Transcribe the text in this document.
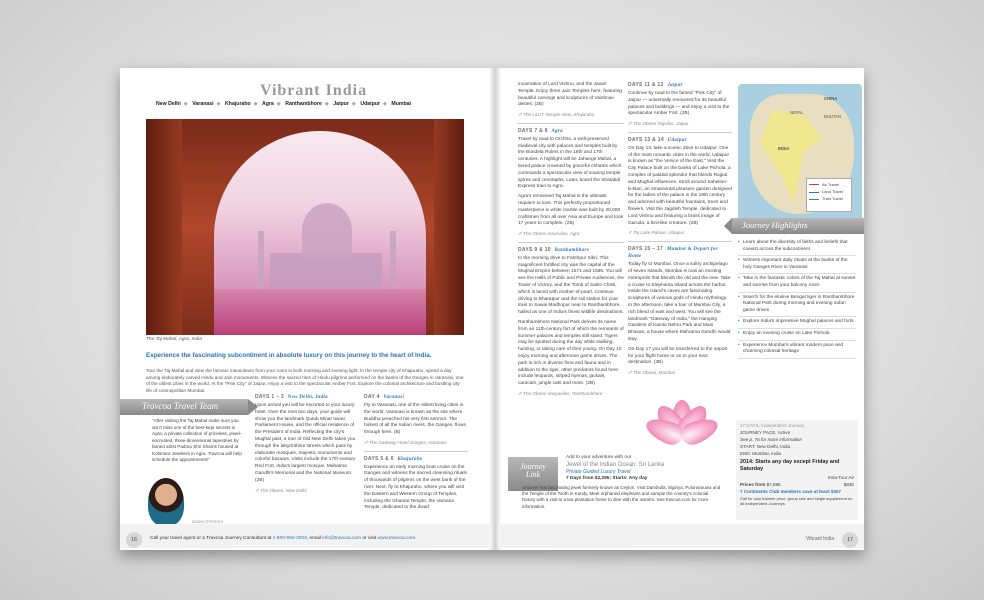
Vibrant India
New Delhi ◆ Varanasi ◆ Khajuraho ◆ Agra ◆ Ranthambhore ◆ Jaipur ◆ Udaipur ◆ Mumbai
The Taj Mahal, Agra, India
Experience the fascinating subcontinent in absolute luxury on this journey to the heart of India.
Tour the Taj Mahal and view the famous mausoleum from your room in both morning and evening light. In the temple city of Khajuraho, spend a day among elaborately carved Hindu and Jain monuments. Witness the sacred rites of Hindu pilgrims performed on the banks of the Ganges in Varanasi, one of the oldest cities in the world. At the "Pink City" of Jaipur, enjoy a visit to the spectacular Amber Fort. Explore the colonial architecture and bustling city life of cosmopolitan Mumbai.
Travcoa Travel Team
"After visiting the Taj Mahal make sure you don't miss one of the best-kept secrets in Agra: a private collection of priceless, jewel-encrusted, three-dimensional tapestries by famed artist Padma Shri Shams housed at Kohinoor Jewelers in Agra. Travcoa will help schedule the appointments!"
Diane D'Amora
DAYS 1 – 3 New Delhi, India

Upon arrival you will be escorted to your luxury hotel. Over the next two days, your guide will show you the landmark Qutub Minar tower, Parliament House, and the official residence of the President of India. Reflecting the city's Mughal past, a tour of Old New Delhi takes you through the labyrinthine streets which pass by elaborate mosques, majestic monuments and colorful bazaars. Visits include the 17th-century Red Fort, India's largest mosque, Mahatma Gandhi's Memorial and the National Museum. (2B)

✐ The Oberoi, New Delhi
DAY 4 Varanasi

Fly to Varanasi, one of the oldest living cities in the world. Varanasi is known as the site where Buddha preached his very first sermon. The holiest of all the Indian rivers, the Ganges, flows through here. (B)

✐ The Gateway Hotel Ganges, Varanasi
DAYS 5 & 6 Khajuraho

Experience an early morning boat cruise on the Ganges and witness the sacred cleansing rituals of thousands of pilgrims on the west bank of the river. Next, fly to Khajuraho, where you will visit the Eastern and Western Group of Temples, including the Ghantai Temple, the Vamana Temple, dedicated to the dwarf

16	Call your travel agent or a Travcoa Journey Consultant at 1-800-992-2003, email info@travcoa.com or visit www.travcoa.com.

incarnation of Lord Vishnu, and the Javari Temple. Enjoy three Jain Temples here, featuring beautiful carvings and sculptures of Vaishnav deities. (2B)

✐ The LaLiT Temple View, Khajuraho
DAYS 7 & 8 Agra

Travel by road to Orchha, a well-preserved medieval city with palaces and temples built by the Bundela Rulers in the 16th and 17th centuries. A highlight will be Jahangir Mahal, a tiered palace crowned by graceful chhatris which commands a spectacular view of soaring temple spires and cenotaphs. Later, board the Shatabdi Express train to Agra.

Agra's renowned Taj Mahal is the ultimate requiem to love. This perfectly proportioned masterpiece in white marble was built by 20,000 craftsmen from all over Asia and Europe and took 17 years to complete. (2B)

✐ The Oberoi Amarvilas, Agra
DAYS 9 & 10 Ranthambhore

In the morning drive to Fatehpur Sikri. This magnificent fortified city was the capital of the Mughal Empire between 1571 and 1585. You will see the Halls of Public and Private Audiences, the Tower of Victory, and the Tomb of Salim Chisti, which is laced with mother-of-pearl. Continue driving to Bharatpur and the rail station for your train to Sawai Madhopur near to Ranthambhore, hailed as one of India's finest wildlife destinations.

Ranthambhore National Park derives its name from an 11th-century fort of which the remnants of summer palaces and temples still stand. Tigers may be spotted during the day while stalking, hunting, or taking care of their young. On Day 10 enjoy morning and afternoon game drives. The park is rich in diverse flora and fauna and in addition to the tiger, other predators found here include leopards, striped hyenas, jackals, caracals, jungle cats and more. (2B)

✐ The Oberoi Vanyavilas, Ranthambhore
DAYS 11 & 12 Jaipur

Continue by road to the famed "Pink City" of Jaipur — universally renowned for its beautiful palaces and buildings — and enjoy a visit to the spectacular Amber Fort. (2B)

✐ The Oberoi Rajvilas, Jaipur
DAYS 13 & 14 Udaipur

On Day 13, take a scenic drive to Udaipur. One of the most romantic cities in the world, Udaipur is known as "the Venice of the East." Visit the City Palace built on the banks of Lake Pichola, a complex of palatial splendor that blends Rajput and Mughal influences. Stroll around Sahelion-ki-Bari, an ornamental pleasure garden designed for the ladies of the palace in the 18th century and adorned with beautiful fountains, trees and flowers. Visit the Jagdish Temple, dedicated to Lord Vishnu and featuring a brass image of Garuda, a bird-like creature. (2B)

✐ Taj Lake Palace, Udaipur
DAYS 15 – 17 Mumbai & Depart for Home

Today fly to Mumbai. Once a sultry archipelago of seven islands, Mumbai is now an exciting metropolis that blends the old and the new. Take a cruise to Elephanta Island across the harbor. Inside the island's caves are fascinating sculptures of various gods of Hindu mythology. In the afternoon, take a tour of Mumbai City, a rich blend of east and west. You will see the landmark "Gateway of India," the Hanging Gardens of Kamla Nehru Park and Mani Bhavan, a house where Mahatma Gandhi would stay.

On Day 17 you will be transferred to the airport for your flight home or on to your next destination. (3B)

✐ The Oberoi, Mumbai
CHINA
NEPAL
BHUTAN
INDIA
Air Travel
Land Travel
Train Travel
Journey Highlights
• Learn about the diversity of faiths and beliefs that coexist across the subcontinent
• Witness important daily rituals at the banks of the holy Ganges River in Varanasi
• Take in the fantastic colors of the Taj Mahal at sunset and sunrise from your balcony room
• Search for the elusive Bengal tiger in Ranthambhore National Park during morning and evening safari game drives
• Explore India's impressive Mughal palaces and forts
• Enjoy an evening cruise on Lake Pichola
• Experience Mumbai's vibrant modern pace and charming colonial heritage
Journey
Link
Add to your adventure with our
Jewel of the Indian Ocean: Sri Lanka
Private Guided Luxury Travel
7 Days from $2,295; Starts: Any day
Uncover this fascinating jewel formerly known as Ceylon. Visit Dambulla, Sigiriya, Polonnaruwa and the Temple of the Tooth in Kandy. Meet orphaned elephants and sample the country's colonial history with a visit to a tea plantation home to dine with the owners. See travcoa.com for more information.
17 DAYS, Independent Journey
JOURNEY PACE, Active
See p. 76 for more information
START: New Delhi, India
END: Mumbai, India
2014: Starts any day except Friday and Saturday
Intra-Tour Air
Prices from $7,695	$830
7 Continents Club members save at least $307
Call for solo traveler price, group rate and single supplement on all Independent Journeys.
Vibrant India	17
